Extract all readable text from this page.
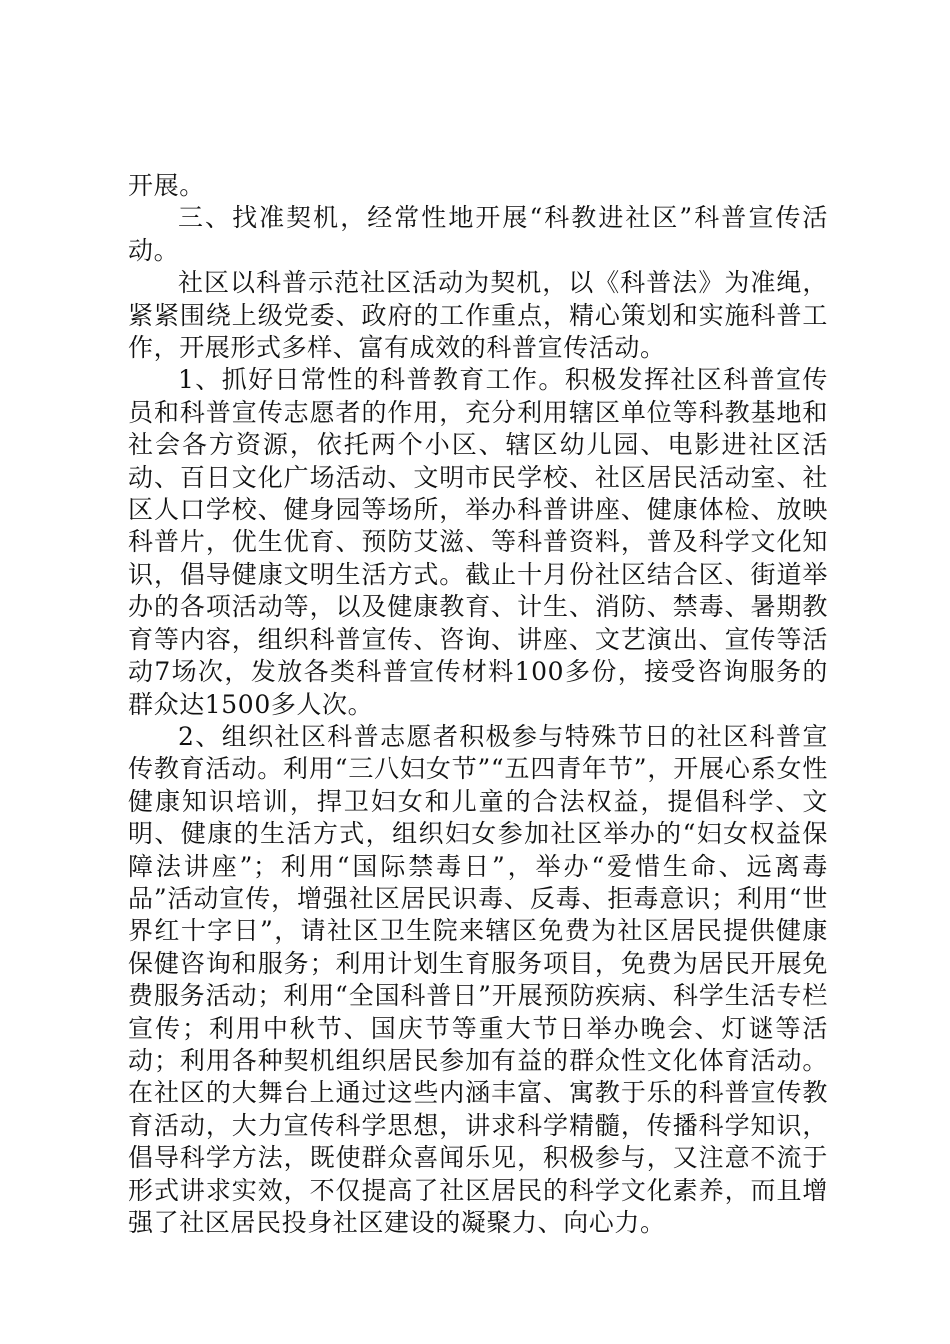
开展。

三、找准契机，经常性地开展“科教进社区”科普宣传活动。

社区以科普示范社区活动为契机，以《科普法》为准绳，紧紧围绕上级党委、政府的工作重点，精心策划和实施科普工作，开展形式多样、富有成效的科普宣传活动。

1、抓好日常性的科普教育工作。积极发挥社区科普宣传员和科普宣传志愿者的作用，充分利用辖区单位等科教基地和社会各方资源，依托两个小区、辖区幼儿园、电影进社区活动、百日文化广场活动、文明市民学校、社区居民活动室、社区人口学校、健身园等场所，举办科普讲座、健康体检、放映科普片，优生优育、预防艾滋、等科普资料，普及科学文化知识，倡导健康文明生活方式。截止十月份社区结合区、街道举办的各项活动等，以及健康教育、计生、消防、禁毒、暑期教育等内容，组织科普宣传、咨询、讲座、文艺演出、宣传等活动7场次，发放各类科普宣传材料100多份，接受咨询服务的群众达1500多人次。

2、组织社区科普志愿者积极参与特殊节日的社区科普宣传教育活动。利用“三八妇女节”“五四青年节”，开展心系女性健康知识培训，捍卫妇女和儿童的合法权益，提倡科学、文明、健康的生活方式，组织妇女参加社区举办的“妇女权益保障法讲座”；利用“国际禁毒日”，举办“爱惜生命、远离毒品”活动宣传，增强社区居民识毒、反毒、拒毒意识；利用“世界红十字日”，请社区卫生院来辖区免费为社区居民提供健康保健咨询和服务；利用计划生育服务项目，免费为居民开展免费服务活动；利用“全国科普日”开展预防疾病、科学生活专栏宣传；利用中秋节、国庆节等重大节日举办晚会、灯谜等活动；利用各种契机组织居民参加有益的群众性文化体育活动。在社区的大舞台上通过这些内涵丰富、寓教于乐的科普宣传教育活动，大力宣传科学思想，讲求科学精髓，传播科学知识，倡导科学方法，既使群众喜闻乐见，积极参与，又注意不流于形式讲求实效，不仅提高了社区居民的科学文化素养，而且增强了社区居民投身社区建设的凝聚力、向心力。
